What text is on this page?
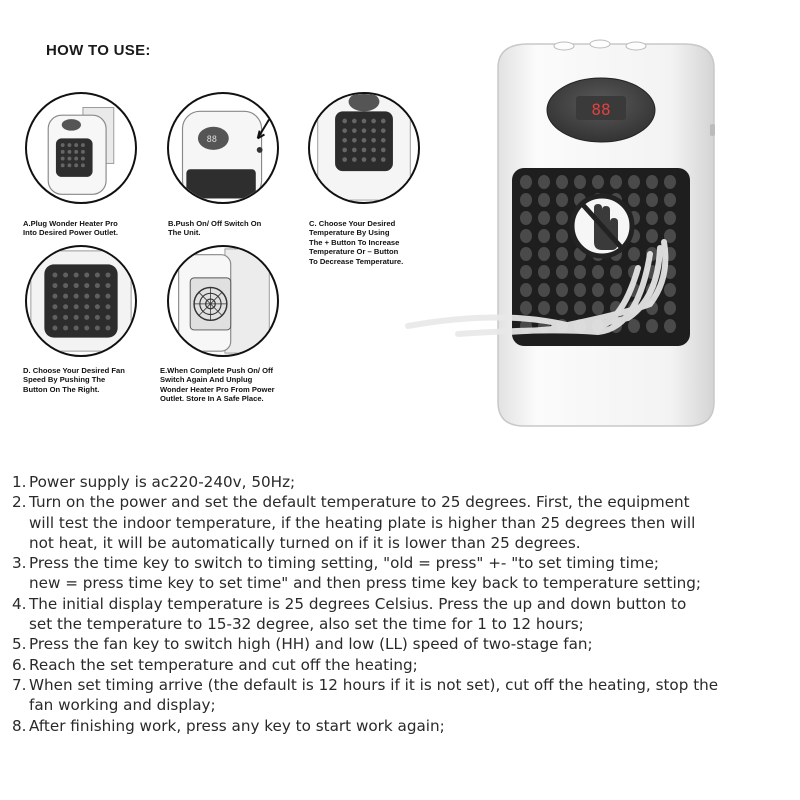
HOW TO USE:
A.Plug Wonder Heater Pro
Into Desired Power Outlet.
88
B.Push On/ Off Switch On
The Unit.
C. Choose Your Desired
Temperature By Using
The + Button To Increase
Temperature Or – Button
To Decrease Temperature.
D. Choose Your Desired Fan
Speed By Pushing The
Button On The Right.
E.When Complete Push On/ Off
Switch Again And Unplug
Wonder Heater Pro From Power
Outlet. Store In A Safe Place.
88
1. Power supply is ac220-240v, 50Hz;
2. Turn on the power and set the default temperature to 25 degrees. First, the equipment
will test the indoor temperature, if the heating plate is higher than 25 degrees then will
not heat, it will be automatically turned on if it is lower than 25 degrees.
3. Press the time key to switch to timing setting, "old = press" +- "to set timing time;
new = press time key to set time" and then press time key back to temperature setting;
4. The initial display temperature is 25 degrees Celsius. Press the up and down button to
set the temperature to 15-32 degree, also set the time for 1 to 12 hours;
5. Press the fan key to switch high (HH) and low (LL) speed of two-stage fan;
6. Reach the set temperature and cut off the heating;
7. When set timing arrive (the default is 12 hours if it is not set), cut off the heating, stop the
fan working and display;
8. After finishing work, press any key to start work again;
